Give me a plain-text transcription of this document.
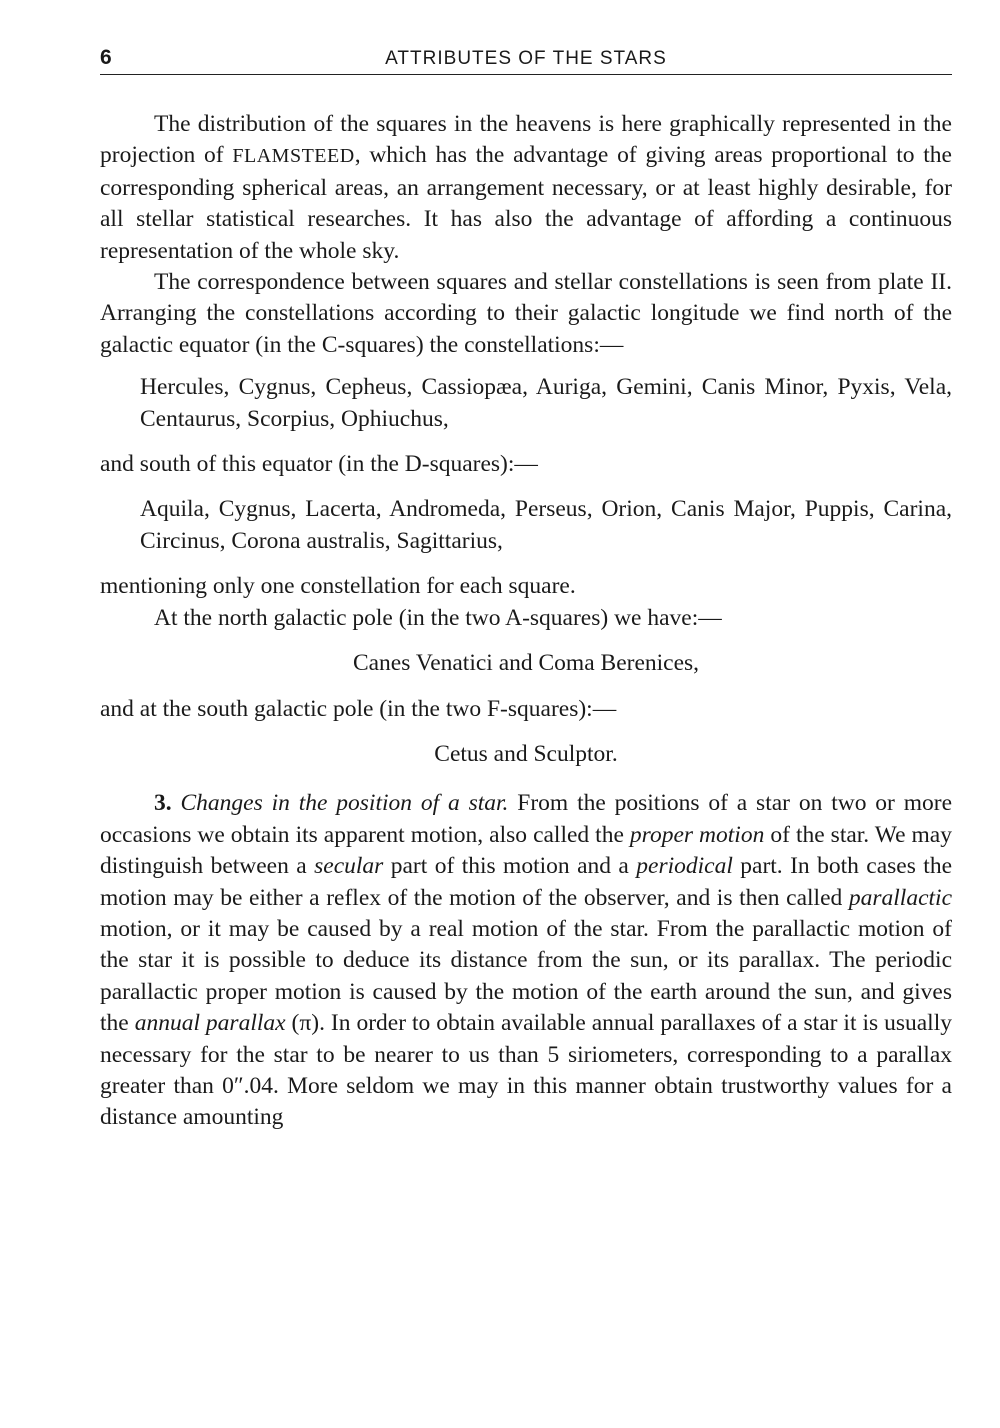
6	ATTRIBUTES OF THE STARS

The distribution of the squares in the heavens is here graphically represented in the projection of FLAMSTEED, which has the advantage of giving areas proportional to the corresponding spherical areas, an arrangement necessary, or at least highly desirable, for all stellar statistical researches. It has also the advantage of affording a continuous representation of the whole sky.

The correspondence between squares and stellar constellations is seen from plate II. Arranging the constellations according to their galactic longitude we find north of the galactic equator (in the C-squares) the constellations:—

Hercules, Cygnus, Cepheus, Cassiopæa, Auriga, Gemini, Canis Minor, Pyxis, Vela, Centaurus, Scorpius, Ophiuchus,

and south of this equator (in the D-squares):—

Aquila, Cygnus, Lacerta, Andromeda, Perseus, Orion, Canis Major, Puppis, Carina, Circinus, Corona australis, Sagittarius,

mentioning only one constellation for each square.

At the north galactic pole (in the two A-squares) we have:—

Canes Venatici and Coma Berenices,

and at the south galactic pole (in the two F-squares):—

Cetus and Sculptor.

3. Changes in the position of a star. From the positions of a star on two or more occasions we obtain its apparent motion, also called the proper motion of the star. We may distinguish between a secular part of this motion and a periodical part. In both cases the motion may be either a reflex of the motion of the observer, and is then called parallactic motion, or it may be caused by a real motion of the star. From the parallactic motion of the star it is possible to deduce its distance from the sun, or its parallax. The periodic parallactic proper motion is caused by the motion of the earth around the sun, and gives the annual parallax (π). In order to obtain available annual parallaxes of a star it is usually necessary for the star to be nearer to us than 5 siriometers, corresponding to a parallax greater than 0″.04. More seldom we may in this manner obtain trustworthy values for a distance amounting
